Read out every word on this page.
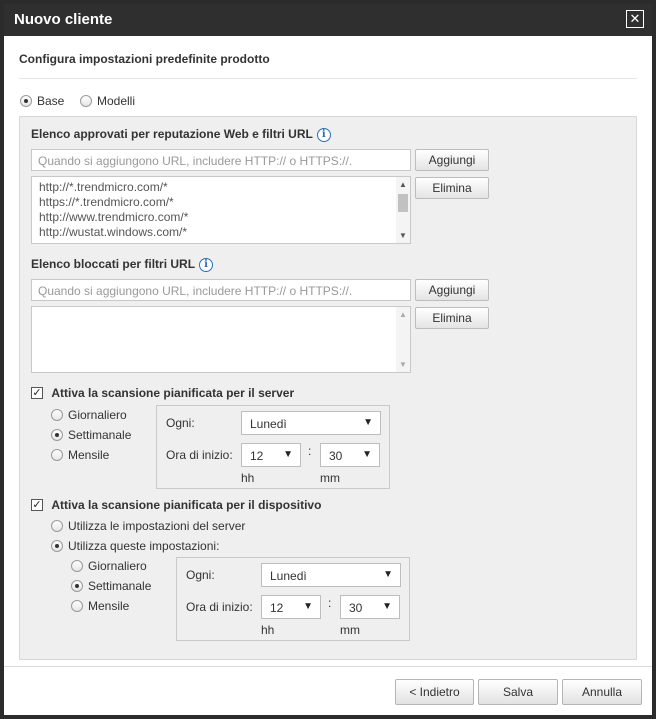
Nuovo cliente	✕
Configura impostazioni predefinite prodotto
Base	Modelli
Elenco approvati per reputazione Web e filtri URL i
Quando si aggiungono URL, includere HTTP:// o HTTPS://.	Aggiungi
http://*.trendmicro.com/*
https://*.trendmicro.com/*
http://www.trendmicro.com/*
http://wustat.windows.com/*
▲
▼
Elimina
Elenco bloccati per filtri URL i
Quando si aggiungono URL, includere HTTP:// o HTTPS://.	Aggiungi
▲
▼
Elimina
✓ Attiva la scansione pianificata per il server
Giornaliero
Settimanale
Mensile
Ogni:	Lunedì	▼
Ora di inizio:	12 ▼ :	30 ▼
hh	mm
✓ Attiva la scansione pianificata per il dispositivo
Utilizza le impostazioni del server
Utilizza queste impostazioni:
Giornaliero
Settimanale
Mensile
Ogni:	Lunedì	▼
Ora di inizio:	12 ▼ :	30 ▼
hh	mm
< Indietro	Salva	Annulla
